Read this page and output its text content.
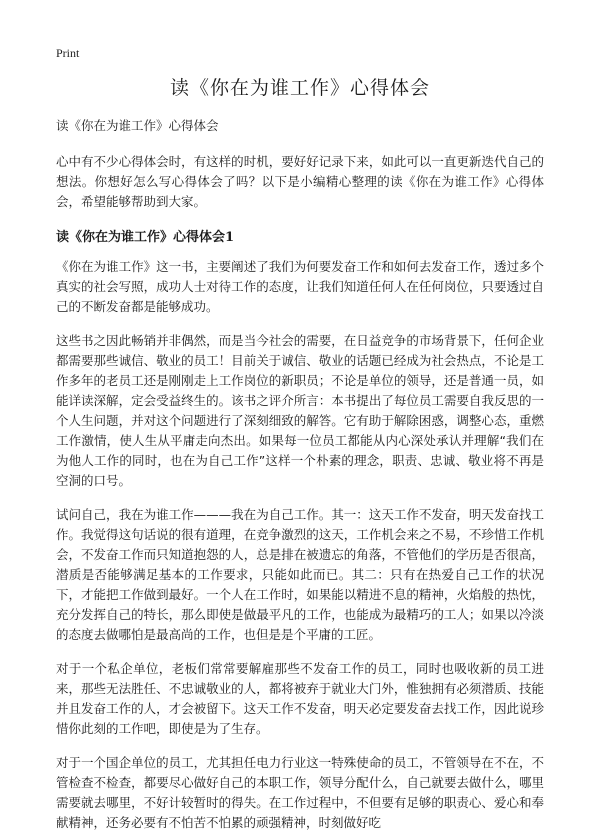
Print
读《你在为谁工作》心得体会
读《你在为谁工作》心得体会

心中有不少心得体会时，有这样的时机，要好好记录下来，如此可以一直更新迭代自己的想法。你想好怎么写心得体会了吗？以下是小编精心整理的读《你在为谁工作》心得体会，希望能够帮助到大家。

读《你在为谁工作》心得体会1

《你在为谁工作》这一书，主要阐述了我们为何要发奋工作和如何去发奋工作，透过多个真实的社会写照，成功人士对待工作的态度，让我们知道任何人在任何岗位，只要透过自己的不断发奋都是能够成功。

这些书之因此畅销并非偶然，而是当今社会的需要，在日益竞争的市场背景下，任何企业都需要那些诚信、敬业的员工！目前关于诚信、敬业的话题已经成为社会热点，不论是工作多年的老员工还是刚刚走上工作岗位的新职员；不论是单位的领导，还是普通一员，如能详读深解，定会受益终生的。该书之评介所言：本书提出了每位员工需要自我反思的一个人生问题，并对这个问题进行了深刻细致的解答。它有助于解除困惑，调整心态，重燃工作激情，使人生从平庸走向杰出。如果每一位员工都能从内心深处承认并理解“我们在为他人工作的同时，也在为自己工作”这样一个朴素的理念，职责、忠诚、敬业将不再是空洞的口号。

试问自己，我在为谁工作———我在为自己工作。其一：这天工作不发奋，明天发奋找工作。我觉得这句话说的很有道理，在竞争激烈的这天，工作机会来之不易，不珍惜工作机会，不发奋工作而只知道抱怨的人，总是排在被遗忘的角落，不管他们的学历是否很高，潜质是否能够满足基本的工作要求，只能如此而已。其二：只有在热爱自己工作的状况下，才能把工作做到最好。一个人在工作时，如果能以精进不息的精神，火焰般的热忱，充分发挥自己的特长，那么即使是做最平凡的工作，也能成为最精巧的工人；如果以冷淡的态度去做哪怕是最高尚的工作，也但是是个平庸的工匠。

对于一个私企单位，老板们常常要解雇那些不发奋工作的员工，同时也吸收新的员工进来，那些无法胜任、不忠诚敬业的人，都将被弃于就业大门外，惟独拥有必须潜质、技能并且发奋工作的人，才会被留下。这天工作不发奋，明天必定要发奋去找工作，因此说珍惜你此刻的工作吧，即使是为了生存。

对于一个国企单位的员工，尤其担任电力行业这一特殊使命的员工，不管领导在不在，不管检查不检查，都要尽心做好自己的本职工作，领导分配什么，自己就要去做什么，哪里需要就去哪里，不好计较暂时的得失。在工作过程中，不但要有足够的职责心、爱心和奉献精神，还务必要有不怕苦不怕累的顽强精神，时刻做好吃
